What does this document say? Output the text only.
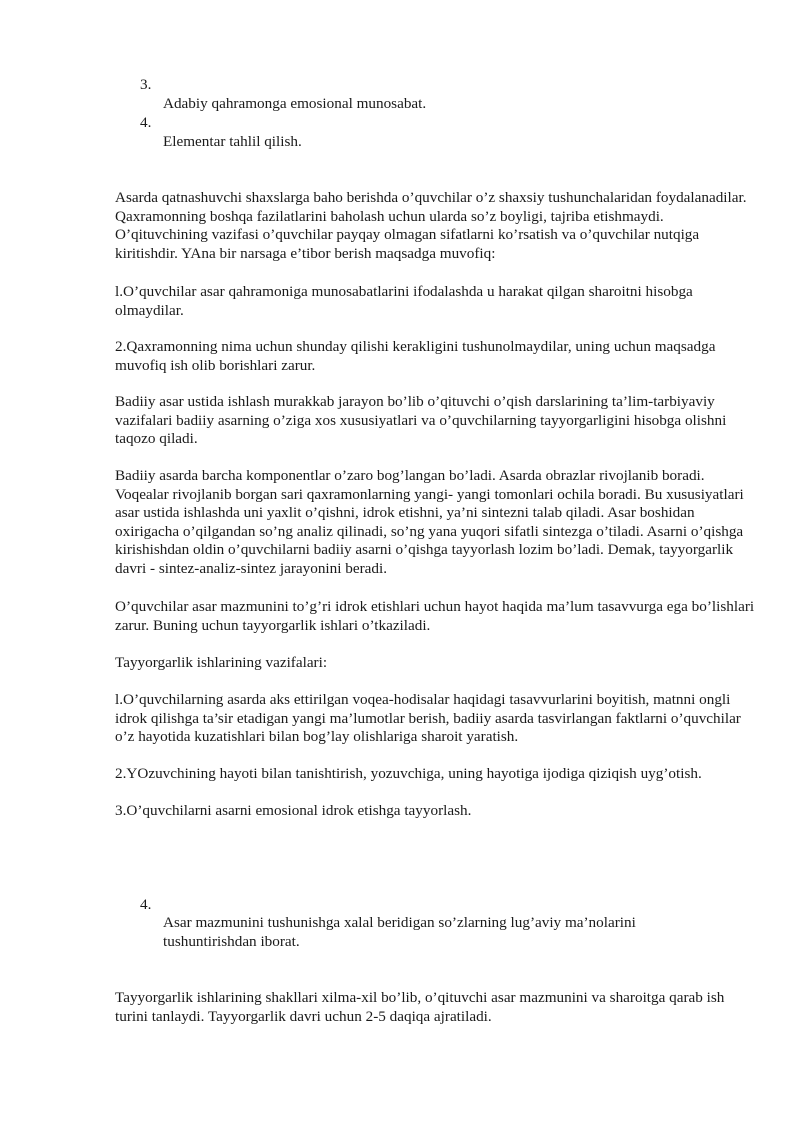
3.
Adabiy qahramonga emosional munosabat.
4.
Elementar tahlil qilish.

Asarda qatnashuvchi shaxslarga baho berishda o’quvchilar o’z shaxsiy tushunchalaridan foydalanadilar. Qaxramonning boshqa fazilatlarini baholash uchun ularda so’z boyligi, tajriba etishmaydi. O’qituvchining vazifasi o’quvchilar payqay olmagan sifatlarni ko’rsatish va o’quvchilar nutqiga kiritishdir. YAna bir narsaga e’tibor berish maqsadga muvofiq:

l.O’quvchilar asar qahramoniga munosabatlarini ifodalashda u harakat qilgan sharoitni hisobga olmaydilar.

2.Qaxramonning nima uchun shunday qilishi kerakligini tushunolmaydilar, uning uchun maqsadga muvofiq ish olib borishlari zarur.

Badiiy asar ustida ishlash murakkab jarayon bo’lib o’qituvchi o’qish darslarining ta’lim-tarbiyaviy vazifalari badiiy asarning o’ziga xos xususiyatlari va o’quvchilarning tayyorgarligini hisobga olishni taqozo qiladi.

Badiiy asarda barcha komponentlar o’zaro bog’langan bo’ladi. Asarda obrazlar rivojlanib boradi. Voqealar rivojlanib borgan sari qaxramonlarning yangi- yangi tomonlari ochila boradi. Bu xususiyatlari asar ustida ishlashda uni yaxlit o’qishni, idrok etishni, ya’ni sintezni talab qiladi. Asar boshidan oxirigacha o’qilgandan so’ng analiz qilinadi, so’ng yana yuqori sifatli sintezga o’tiladi. Asarni o’qishga kirishishdan oldin o’quvchilarni badiiy asarni o’qishga tayyorlash lozim bo’ladi. Demak, tayyorgarlik davri - sintez-analiz-sintez jarayonini beradi.

O’quvchilar asar mazmunini to’g’ri idrok etishlari uchun hayot haqida ma’lum tasavvurga ega bo’lishlari zarur. Buning uchun tayyorgarlik ishlari o’tkaziladi.

Tayyorgarlik ishlarining vazifalari:

l.O’quvchilarning asarda aks ettirilgan voqea-hodisalar haqidagi tasavvurlarini boyitish, matnni ongli idrok qilishga ta’sir etadigan yangi ma’lumotlar berish, badiiy asarda tasvirlangan faktlarni o’quvchilar o’z hayotida kuzatishlari bilan bog’lay olishlariga sharoit yaratish.

2.YOzuvchining hayoti bilan tanishtirish, yozuvchiga, uning hayotiga ijodiga qiziqish uyg’otish.

3.O’quvchilarni asarni emosional idrok etishga tayyorlash.

4.
Asar mazmunini tushunishga xalal beridigan so’zlarning lug’aviy ma’nolarini tushuntirishdan iborat.

Tayyorgarlik ishlarining shakllari xilma-xil bo’lib, o’qituvchi asar mazmunini va sharoitga qarab ish turini tanlaydi. Tayyorgarlik davri uchun 2-5 daqiqa ajratiladi.
